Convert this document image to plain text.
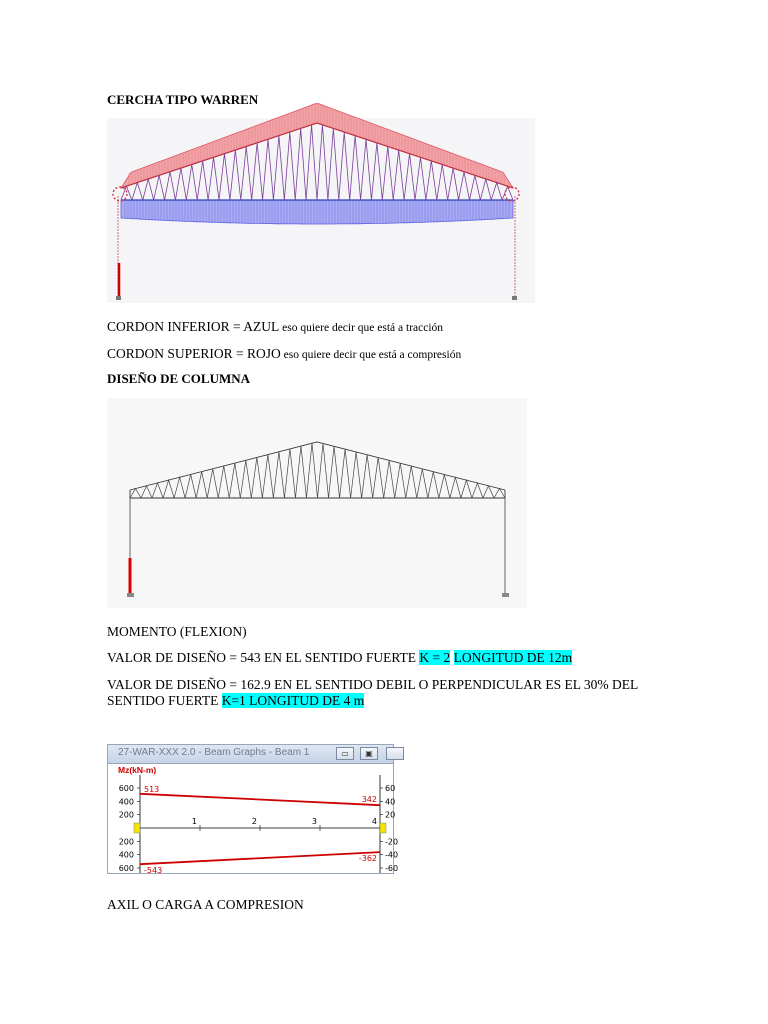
CERCHA TIPO WARREN
CORDON INFERIOR = AZUL eso quiere decir que está a tracción
CORDON SUPERIOR = ROJO eso quiere decir que está a compresión
DISEÑO DE COLUMNA
MOMENTO (FLEXION)
VALOR DE DISEÑO = 543 EN EL SENTIDO FUERTE K = 2 LONGITUD DE 12m
VALOR DE DISEÑO = 162.9 EN EL SENTIDO DEBIL O PERPENDICULAR ES EL 30% DEL SENTIDO FUERTE K=1 LONGITUD DE 4 m
27-WAR-XXX 2.0 - Beam Graphs - Beam 1	▭	▣
Mz(kN-m)
600	60
400	40
200	20
200	-20
400	-40
600	-60
1	2	3	4
513
342
-543
-362
AXIL O CARGA A COMPRESION
